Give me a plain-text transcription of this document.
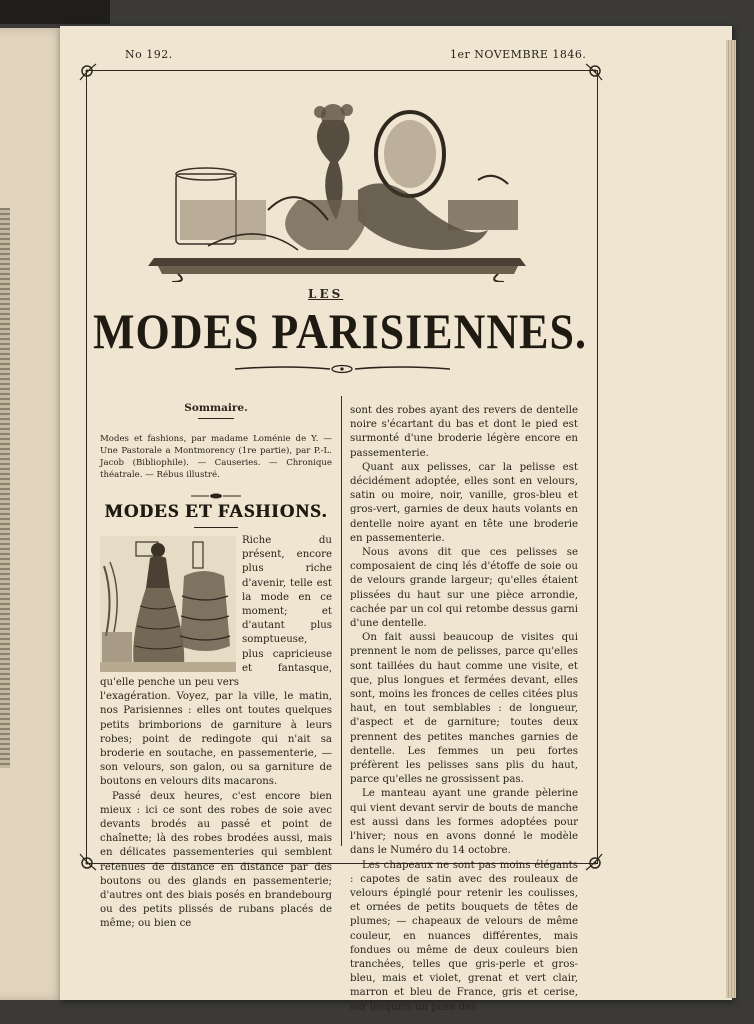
No 192.	1er NOVEMBRE 1846.
LES
MODES PARISIENNES.

Sommaire.

Modes et fashions, par madame Loménie de Y. — Une Pastorale a Montmorency (1re partie), par P.-L. Jacob (Bibliophile). — Causeries. — Chronique théatrale. — Rébus illustré.

MODES ET FASHIONS.

Riche du présent, encore plus riche d'avenir, telle est la mode en ce moment; et d'autant plus somptueuse, plus capricieuse et fantasque, qu'elle penche un peu vers

l'exagération. Voyez, par la ville, le matin, nos Parisiennes : elles ont toutes quelques petits brimborions de garniture à leurs robes; point de redingote qui n'ait sa broderie en soutache, en passementerie, — son velours, son galon, ou sa garniture de boutons en velours dits macarons.

Passé deux heures, c'est encore bien mieux : ici ce sont des robes de soie avec devants brodés au passé et point de chaînette; là des robes brodées aussi, mais en délicates passementeries qui semblent retenues de distance en distance par des boutons ou des glands en passementerie; d'autres ont des biais posés en brandebourg ou des petits plissés de rubans placés de même; ou bien ce

sont des robes ayant des revers de dentelle noire s'écartant du bas et dont le pied est surmonté d'une broderie légère encore en passementerie.

Quant aux pelisses, car la pelisse est décidément adoptée, elles sont en velours, satin ou moire, noir, vanille, gros-bleu et gros-vert, garnies de deux hauts volants en dentelle noire ayant en tête une broderie en passementerie.

Nous avons dit que ces pelisses se composaient de cinq lés d'étoffe de soie ou de velours grande largeur; qu'elles étaient plissées du haut sur une pièce arrondie, cachée par un col qui retombe dessus garni d'une dentelle.

On fait aussi beaucoup de visites qui prennent le nom de pelisses, parce qu'elles sont taillées du haut comme une visite, et que, plus longues et fermées devant, elles sont, moins les fronces de celles citées plus haut, en tout semblables : de longueur, d'aspect et de garniture; toutes deux prennent des petites manches garnies de dentelle. Les femmes un peu fortes préfèrent les pelisses sans plis du haut, parce qu'elles ne grossissent pas.

Le manteau ayant une grande pèlerine qui vient devant servir de bouts de manche est aussi dans les formes adoptées pour l'hiver; nous en avons donné le modèle dans le Numéro du 14 octobre.

Les chapeaux ne sont pas moins élégants : capotes de satin avec des rouleaux de velours épinglé pour retenir les coulisses, et ornées de petits bouquets de têtes de plumes; — chapeaux de velours de même couleur, en nuances différentes, mais fondues ou même de deux couleurs bien tranchées, telles que gris-perle et gros-bleu, mais et violet, grenat et vert clair, marron et bleu de France, gris et cerise, sur lesquels on pose des
